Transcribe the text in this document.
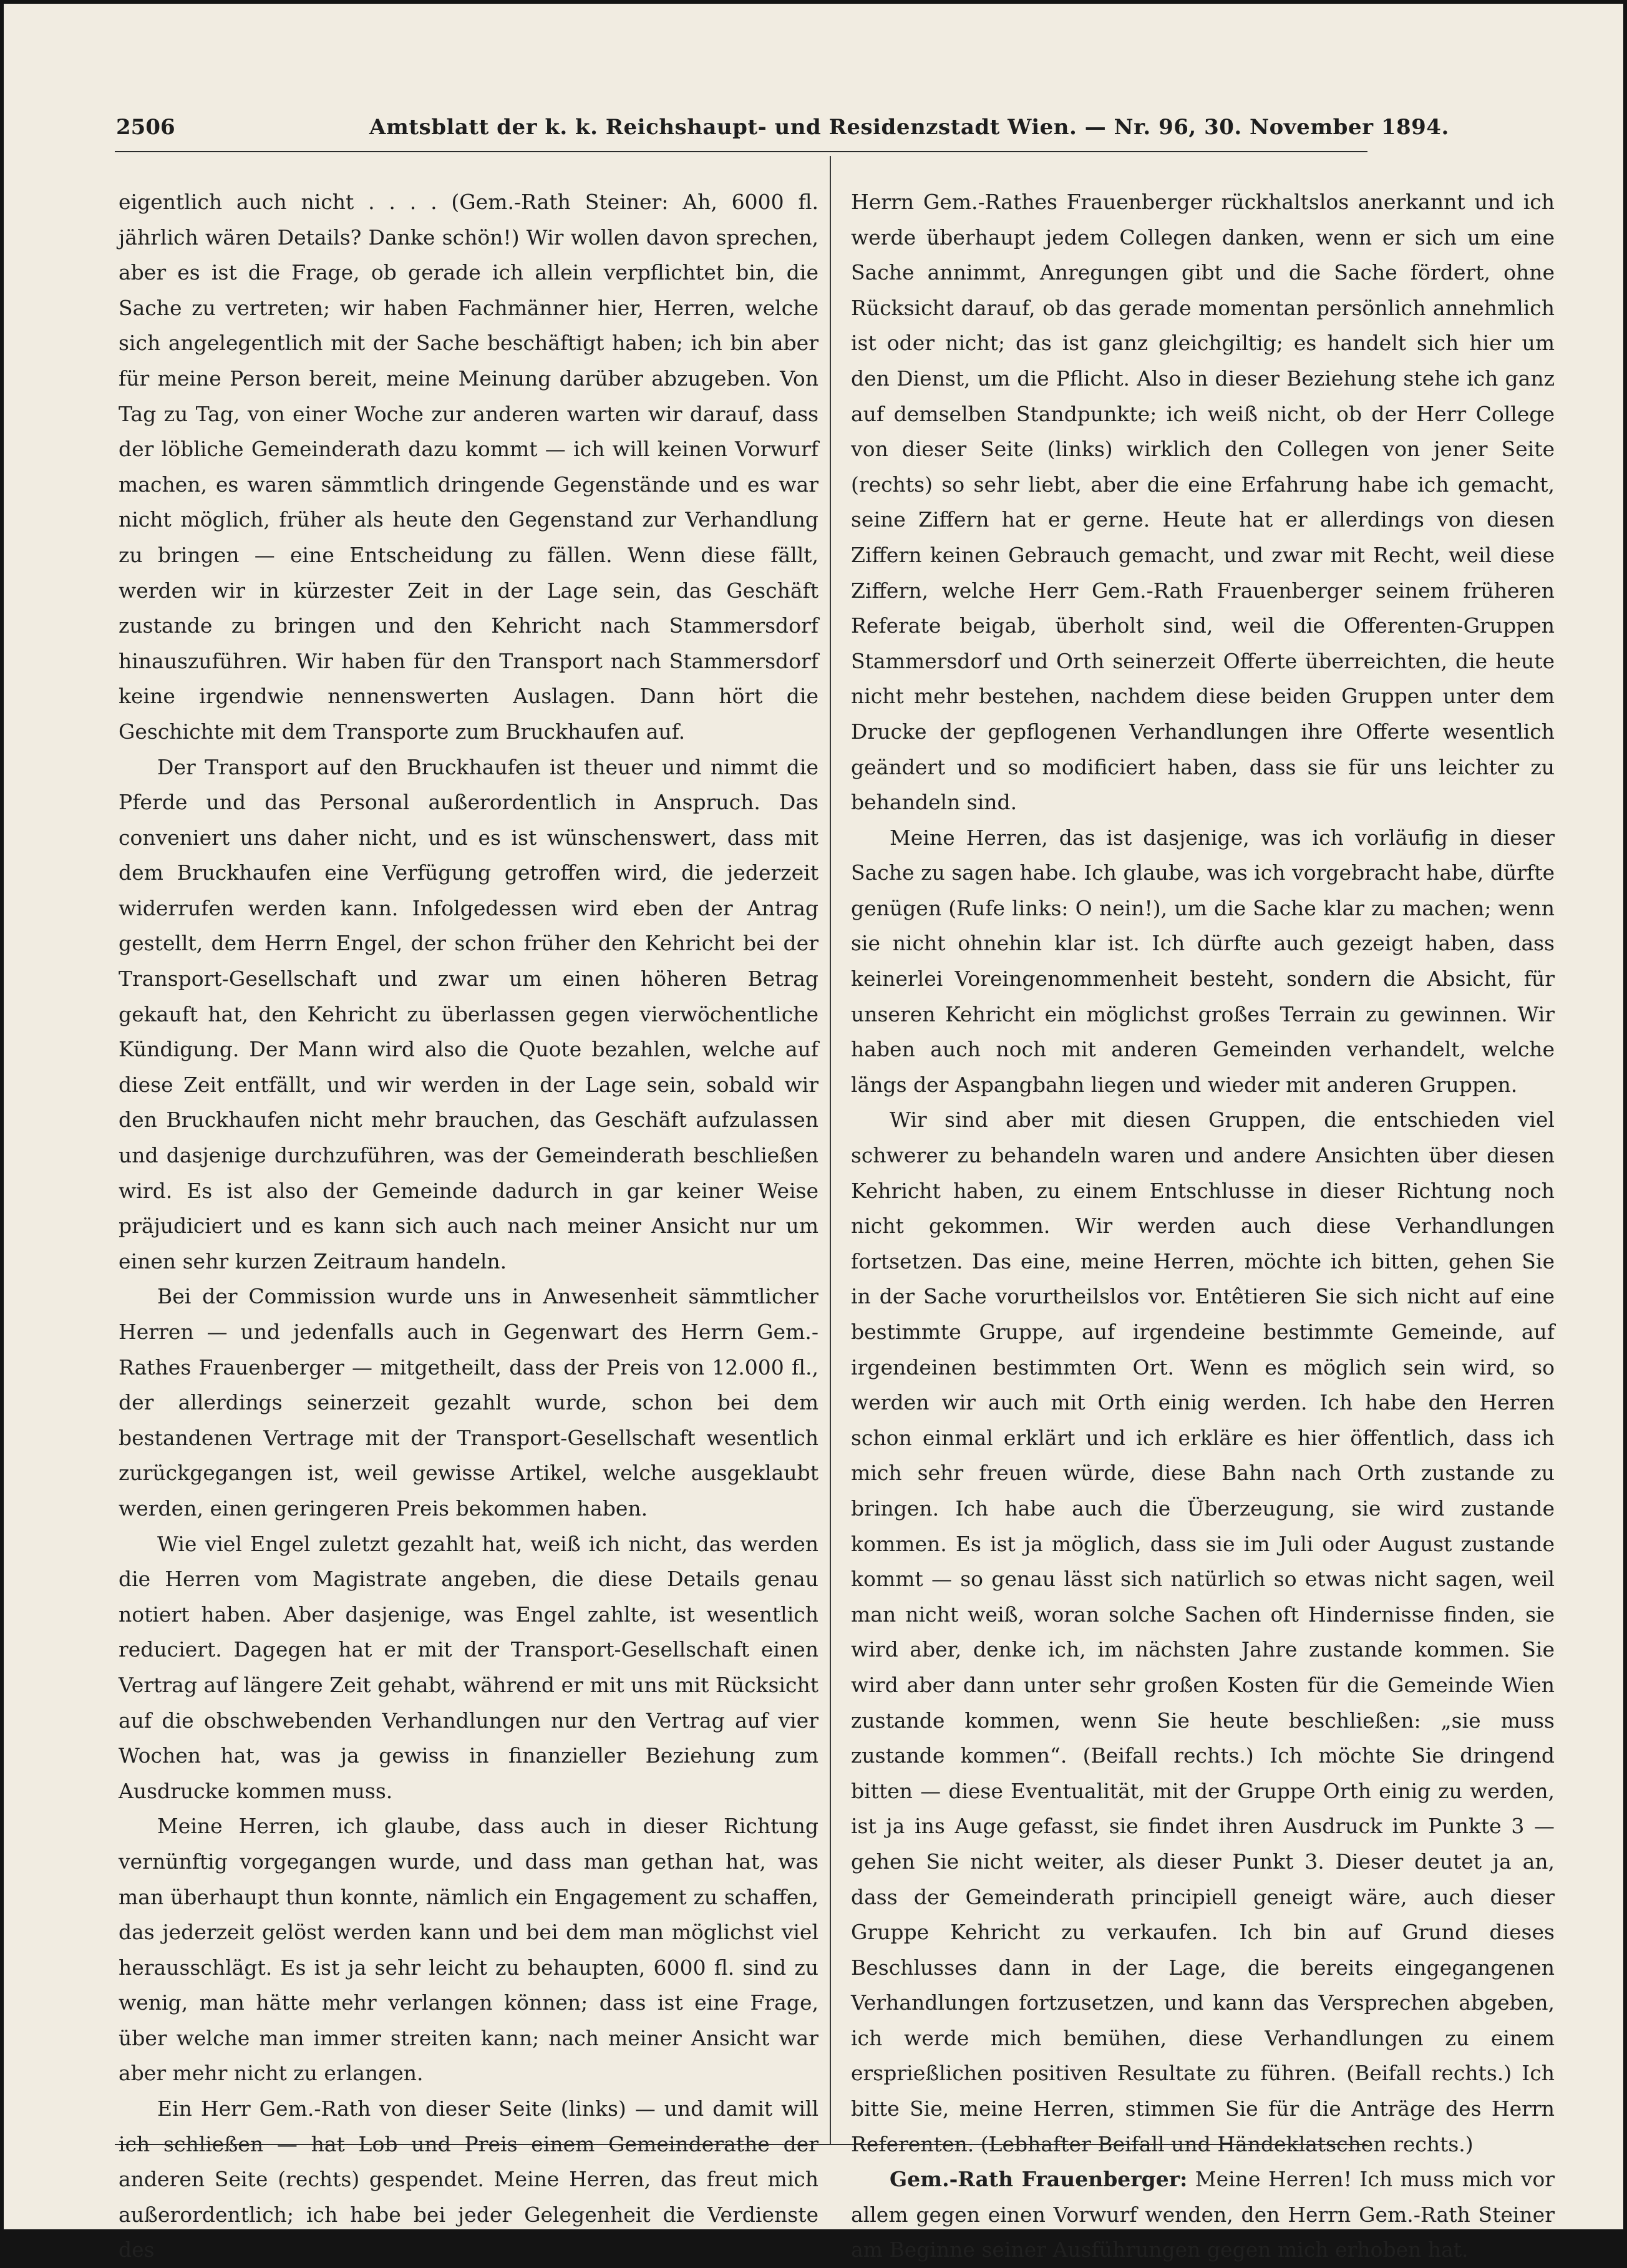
2506	Amtsblatt der k. k. Reichshaupt- und Residenzstadt Wien. — Nr. 96, 30. November 1894.

eigentlich auch nicht . . . . (Gem.-Rath Steiner: Ah, 6000 fl. jährlich wären Details? Danke schön!) Wir wollen davon sprechen, aber es ist die Frage, ob gerade ich allein verpflichtet bin, die Sache zu vertreten; wir haben Fachmänner hier, Herren, welche sich angelegentlich mit der Sache beschäftigt haben; ich bin aber für meine Person bereit, meine Meinung darüber abzugeben. Von Tag zu Tag, von einer Woche zur anderen warten wir darauf, dass der löbliche Gemeinderath dazu kommt — ich will keinen Vorwurf machen, es waren sämmtlich dringende Gegenstände und es war nicht möglich, früher als heute den Gegenstand zur Verhandlung zu bringen — eine Entscheidung zu fällen. Wenn diese fällt, werden wir in kürzester Zeit in der Lage sein, das Geschäft zustande zu bringen und den Kehricht nach Stammersdorf hinauszuführen. Wir haben für den Transport nach Stammersdorf keine irgendwie nennenswerten Auslagen. Dann hört die Geschichte mit dem Transporte zum Bruckhaufen auf.

Der Transport auf den Bruckhaufen ist theuer und nimmt die Pferde und das Personal außerordentlich in Anspruch. Das conveniert uns daher nicht, und es ist wünschenswert, dass mit dem Bruckhaufen eine Verfügung getroffen wird, die jederzeit widerrufen werden kann. Infolgedessen wird eben der Antrag gestellt, dem Herrn Engel, der schon früher den Kehricht bei der Transport-Gesellschaft und zwar um einen höheren Betrag gekauft hat, den Kehricht zu überlassen gegen vierwöchentliche Kündigung. Der Mann wird also die Quote bezahlen, welche auf diese Zeit entfällt, und wir werden in der Lage sein, sobald wir den Bruckhaufen nicht mehr brauchen, das Geschäft aufzulassen und dasjenige durchzuführen, was der Gemeinderath beschließen wird. Es ist also der Gemeinde dadurch in gar keiner Weise präjudiciert und es kann sich auch nach meiner Ansicht nur um einen sehr kurzen Zeitraum handeln.

Bei der Commission wurde uns in Anwesenheit sämmtlicher Herren — und jedenfalls auch in Gegenwart des Herrn Gem.-Rathes Frauenberger — mitgetheilt, dass der Preis von 12.000 fl., der allerdings seinerzeit gezahlt wurde, schon bei dem bestandenen Vertrage mit der Transport-Gesellschaft wesentlich zurückgegangen ist, weil gewisse Artikel, welche ausgeklaubt werden, einen geringeren Preis bekommen haben.

Wie viel Engel zuletzt gezahlt hat, weiß ich nicht, das werden die Herren vom Magistrate angeben, die diese Details genau notiert haben. Aber dasjenige, was Engel zahlte, ist wesentlich reduciert. Dagegen hat er mit der Transport-Gesellschaft einen Vertrag auf längere Zeit gehabt, während er mit uns mit Rücksicht auf die obschwebenden Verhandlungen nur den Vertrag auf vier Wochen hat, was ja gewiss in finanzieller Beziehung zum Ausdrucke kommen muss.

Meine Herren, ich glaube, dass auch in dieser Richtung vernünftig vorgegangen wurde, und dass man gethan hat, was man überhaupt thun konnte, nämlich ein Engagement zu schaffen, das jederzeit gelöst werden kann und bei dem man möglichst viel herausschlägt. Es ist ja sehr leicht zu behaupten, 6000 fl. sind zu wenig, man hätte mehr verlangen können; dass ist eine Frage, über welche man immer streiten kann; nach meiner Ansicht war aber mehr nicht zu erlangen.

Ein Herr Gem.-Rath von dieser Seite (links) — und damit will ich schließen — hat Lob und Preis einem Gemeinderathe der anderen Seite (rechts) gespendet. Meine Herren, das freut mich außerordentlich; ich habe bei jeder Gelegenheit die Verdienste des

Herrn Gem.-Rathes Frauenberger rückhaltslos anerkannt und ich werde überhaupt jedem Collegen danken, wenn er sich um eine Sache annimmt, Anregungen gibt und die Sache fördert, ohne Rücksicht darauf, ob das gerade momentan persönlich annehmlich ist oder nicht; das ist ganz gleichgiltig; es handelt sich hier um den Dienst, um die Pflicht. Also in dieser Beziehung stehe ich ganz auf demselben Standpunkte; ich weiß nicht, ob der Herr College von dieser Seite (links) wirklich den Collegen von jener Seite (rechts) so sehr liebt, aber die eine Erfahrung habe ich gemacht, seine Ziffern hat er gerne. Heute hat er allerdings von diesen Ziffern keinen Gebrauch gemacht, und zwar mit Recht, weil diese Ziffern, welche Herr Gem.-Rath Frauenberger seinem früheren Referate beigab, überholt sind, weil die Offerenten-Gruppen Stammersdorf und Orth seinerzeit Offerte überreichten, die heute nicht mehr bestehen, nachdem diese beiden Gruppen unter dem Drucke der gepflogenen Verhandlungen ihre Offerte wesentlich geändert und so modificiert haben, dass sie für uns leichter zu behandeln sind.

Meine Herren, das ist dasjenige, was ich vorläufig in dieser Sache zu sagen habe. Ich glaube, was ich vorgebracht habe, dürfte genügen (Rufe links: O nein!), um die Sache klar zu machen; wenn sie nicht ohnehin klar ist. Ich dürfte auch gezeigt haben, dass keinerlei Voreingenommenheit besteht, sondern die Absicht, für unseren Kehricht ein möglichst großes Terrain zu gewinnen. Wir haben auch noch mit anderen Gemeinden verhandelt, welche längs der Aspangbahn liegen und wieder mit anderen Gruppen.

Wir sind aber mit diesen Gruppen, die entschieden viel schwerer zu behandeln waren und andere Ansichten über diesen Kehricht haben, zu einem Entschlusse in dieser Richtung noch nicht gekommen. Wir werden auch diese Verhandlungen fortsetzen. Das eine, meine Herren, möchte ich bitten, gehen Sie in der Sache vorurtheilslos vor. Entêtieren Sie sich nicht auf eine bestimmte Gruppe, auf irgendeine bestimmte Gemeinde, auf irgendeinen bestimmten Ort. Wenn es möglich sein wird, so werden wir auch mit Orth einig werden. Ich habe den Herren schon einmal erklärt und ich erkläre es hier öffentlich, dass ich mich sehr freuen würde, diese Bahn nach Orth zustande zu bringen. Ich habe auch die Überzeugung, sie wird zustande kommen. Es ist ja möglich, dass sie im Juli oder August zustande kommt — so genau lässt sich natürlich so etwas nicht sagen, weil man nicht weiß, woran solche Sachen oft Hindernisse finden, sie wird aber, denke ich, im nächsten Jahre zustande kommen. Sie wird aber dann unter sehr großen Kosten für die Gemeinde Wien zustande kommen, wenn Sie heute beschließen: „sie muss zustande kommen“. (Beifall rechts.) Ich möchte Sie dringend bitten — diese Eventualität, mit der Gruppe Orth einig zu werden, ist ja ins Auge gefasst, sie findet ihren Ausdruck im Punkte 3 — gehen Sie nicht weiter, als dieser Punkt 3. Dieser deutet ja an, dass der Gemeinderath principiell geneigt wäre, auch dieser Gruppe Kehricht zu verkaufen. Ich bin auf Grund dieses Beschlusses dann in der Lage, die bereits eingegangenen Verhandlungen fortzusetzen, und kann das Versprechen abgeben, ich werde mich bemühen, diese Verhandlungen zu einem ersprießlichen positiven Resultate zu führen. (Beifall rechts.) Ich bitte Sie, meine Herren, stimmen Sie für die Anträge des Herrn Referenten. (Lebhafter Beifall und Händeklatschen rechts.)

Gem.-Rath Frauenberger: Meine Herren! Ich muss mich vor allem gegen einen Vorwurf wenden, den Herrn Gem.-Rath Steiner am Beginne seiner Ausführungen gegen mich erhoben hat.
